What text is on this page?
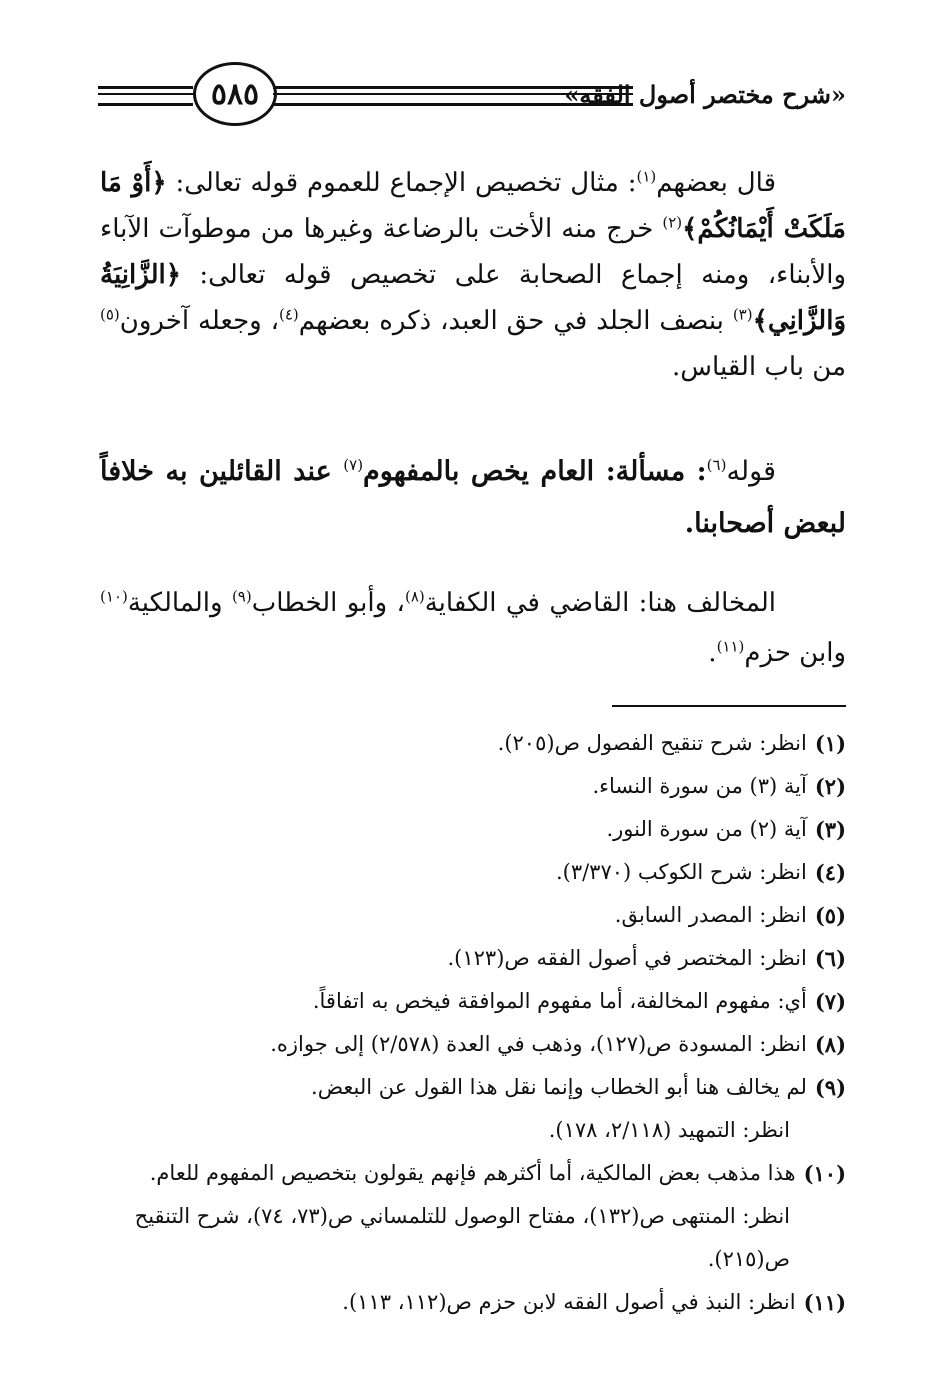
٥٨٥	«شرح مختصر أصول الفقه»

قال بعضهم$^{(١)}$: مثال تخصيص الإجماع للعموم قوله تعالى: ﴿أَوْ مَا مَلَكَتْ أَيْمَانُكُمْ﴾$^{(٢)}$ خرج منه الأخت بالرضاعة وغيرها من موطوآت الآباء والأبناء، ومنه إجماع الصحابة على تخصيص قوله تعالى: ﴿الزَّانِيَةُ وَالزَّانِي﴾$^{(٣)}$ بنصف الجلد في حق العبد، ذكره بعضهم$^{(٤)}$، وجعله آخرون$^{(٥)}$ من باب القياس.

قوله$^{(٦)}$: مسألة: العام يخص بالمفهوم$^{(٧)}$ عند القائلين به خلافاً لبعض أصحابنا.

المخالف هنا: القاضي في الكفاية$^{(٨)}$، وأبو الخطاب$^{(٩)}$ والمالكية$^{(١٠)}$ وابن حزم$^{(١١)}$.

(١)
انظر: شرح تنقيح الفصول ص(٢٠٥).

(٢)
آية (٣) من سورة النساء.

(٣)
آية (٢) من سورة النور.

(٤)
انظر: شرح الكوكب (٣/٣٧٠).

(٥)
انظر: المصدر السابق.

(٦)
انظر: المختصر في أصول الفقه ص(١٢٣).

(٧)
أي: مفهوم المخالفة، أما مفهوم الموافقة فيخص به اتفاقاً.

(٨)
انظر: المسودة ص(١٢٧)، وذهب في العدة (٢/٥٧٨) إلى جوازه.

(٩)
لم يخالف هنا أبو الخطاب وإنما نقل هذا القول عن البعض.

انظر: التمهيد (٢/١١٨، ١٧٨).

(١٠)
هذا مذهب بعض المالكية، أما أكثرهم فإنهم يقولون بتخصيص المفهوم للعام.

انظر: المنتهى ص(١٣٢)، مفتاح الوصول للتلمساني ص(٧٣، ٧٤)، شرح التنقيح ص(٢١٥).

(١١)
انظر: النبذ في أصول الفقه لابن حزم ص(١١٢، ١١٣).
